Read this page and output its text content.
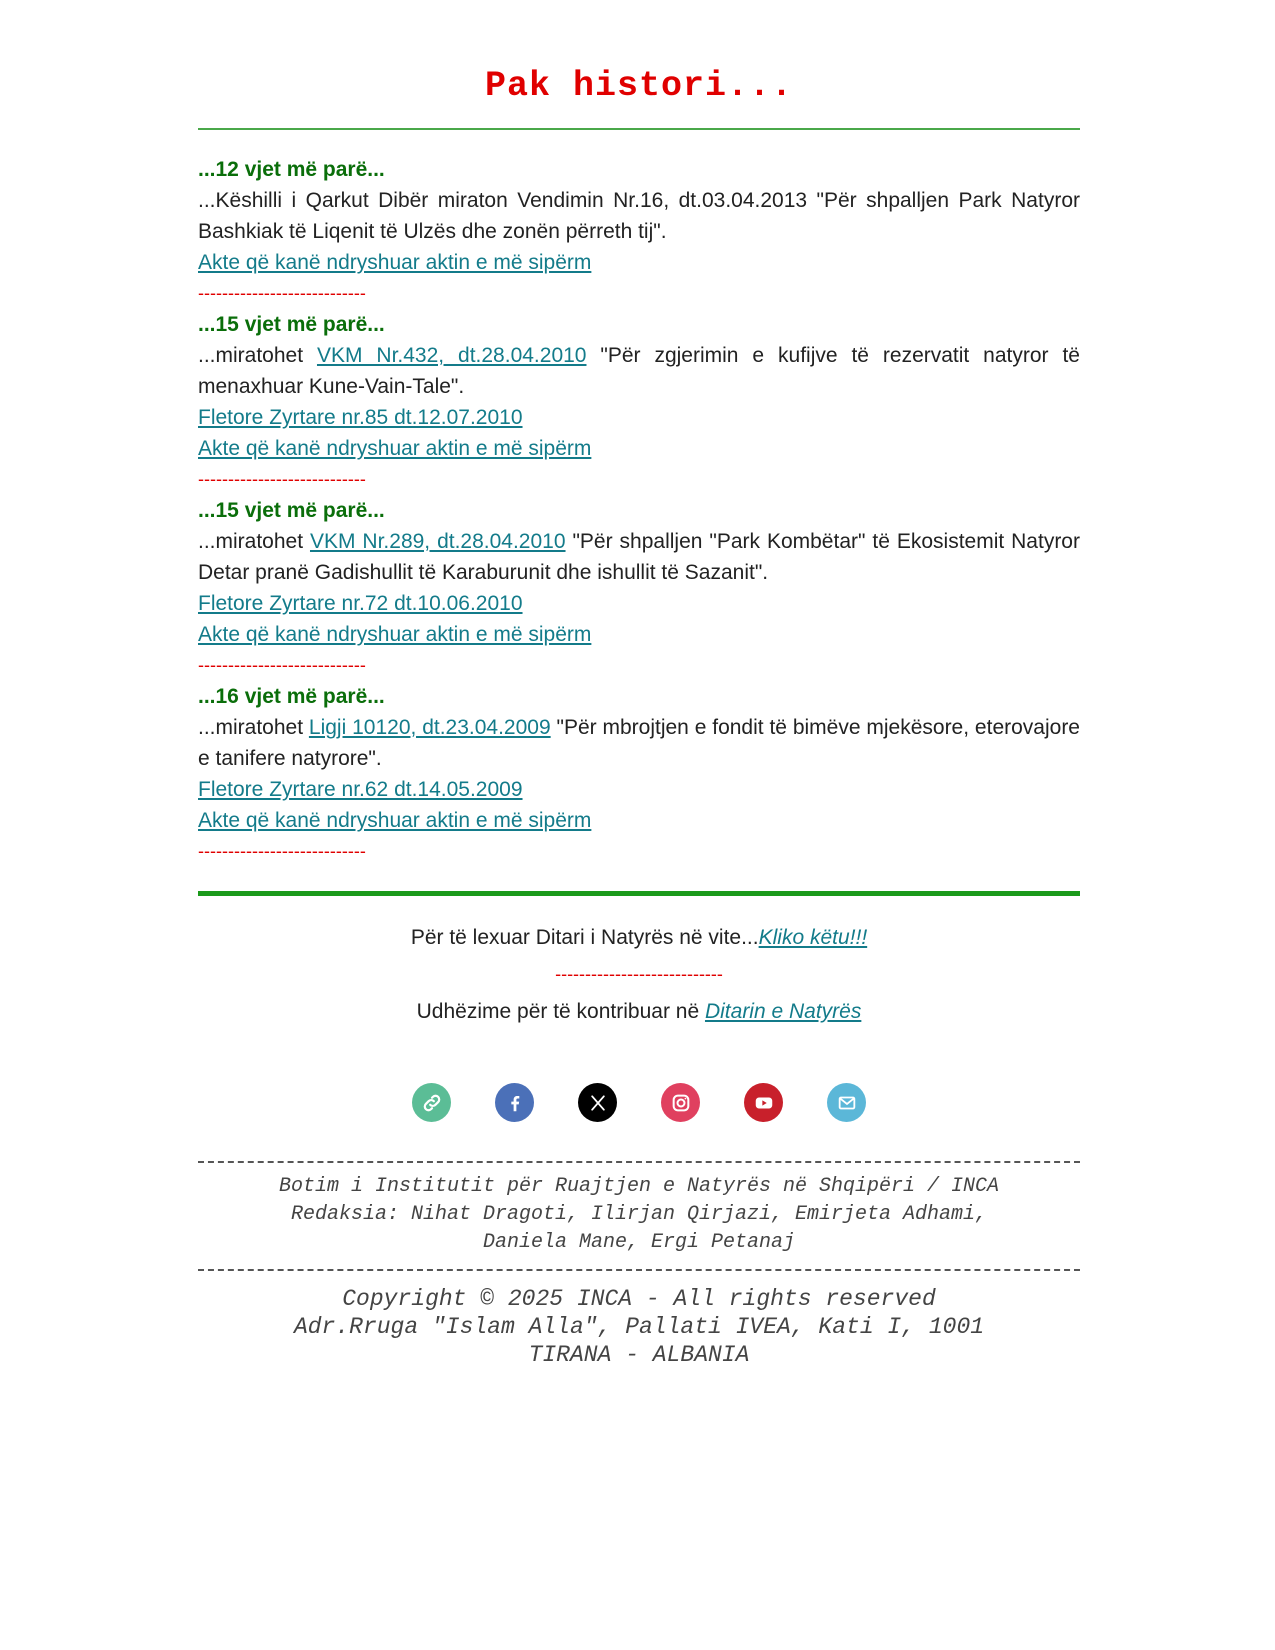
Pak histori...
...12 vjet më parë...
...Këshilli i Qarkut Dibër miraton Vendimin Nr.16, dt.03.04.2013 "Për shpalljen Park Natyror Bashkiak të Liqenit të Ulzës dhe zonën përreth tij".
Akte që kanë ndryshuar aktin e më sipërm
----------------------------
...15 vjet më parë...
...miratohet VKM Nr.432, dt.28.04.2010 "Për zgjerimin e kufijve të rezervatit natyror të menaxhuar Kune-Vain-Tale".
Fletore Zyrtare nr.85 dt.12.07.2010
Akte që kanë ndryshuar aktin e më sipërm
----------------------------
...15 vjet më parë...
...miratohet VKM Nr.289, dt.28.04.2010 "Për shpalljen "Park Kombëtar" të Ekosistemit Natyror Detar pranë Gadishullit të Karaburunit dhe ishullit të Sazanit".
Fletore Zyrtare nr.72 dt.10.06.2010
Akte që kanë ndryshuar aktin e më sipërm
----------------------------
...16 vjet më parë...
...miratohet Ligji 10120, dt.23.04.2009 "Për mbrojtjen e fondit të bimëve mjekësore, eterovajore e tanifere natyrore".
Fletore Zyrtare nr.62 dt.14.05.2009
Akte që kanë ndryshuar aktin e më sipërm
----------------------------
Për të lexuar Ditari i Natyrës në vite...Kliko këtu!!!
----------------------------
Udhëzime për të kontribuar në Ditarin e Natyrës
Botim i Institutit për Ruajtjen e Natyrës në Shqipëri / INCA
Redaksia: Nihat Dragoti, Ilirjan Qirjazi, Emirjeta Adhami,
Daniela Mane, Ergi Petanaj
Copyright © 2025 INCA - All rights reserved
Adr.Rruga "Islam Alla", Pallati IVEA, Kati I, 1001
TIRANA - ALBANIA
